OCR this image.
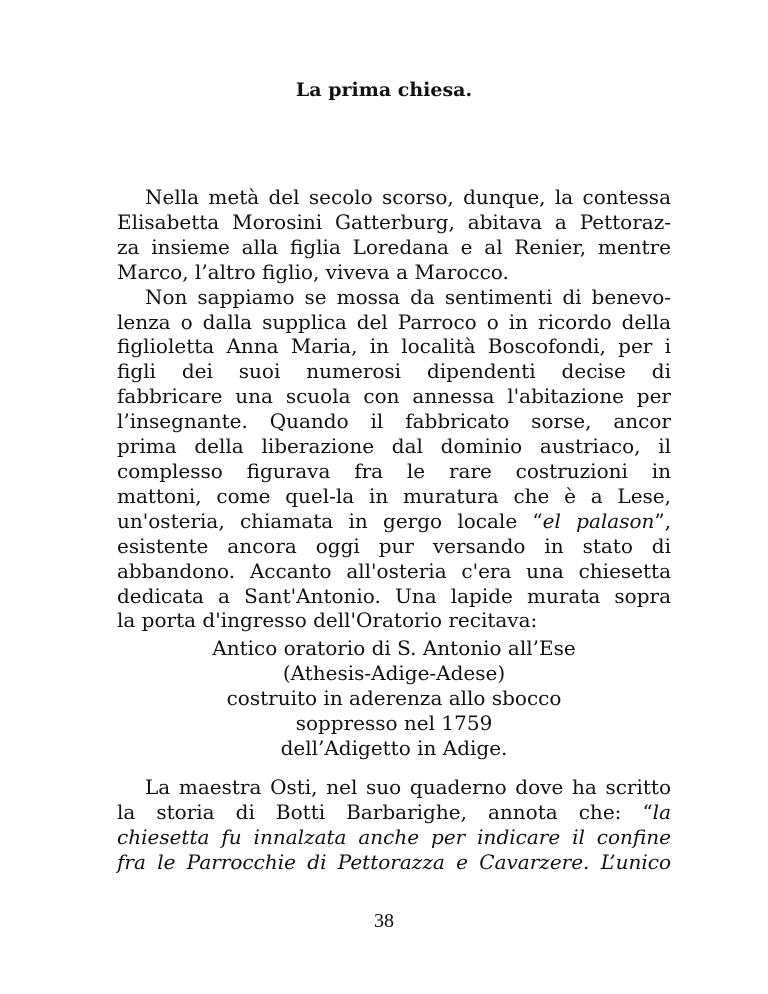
La prima chiesa.
Nella metà del secolo scorso, dunque, la contessa
Elisabetta Morosini Gatterburg, abitava a Pettoraz-
za insieme alla figlia Loredana e al Renier, mentre
Marco, l’altro figlio, viveva a Marocco.
Non sappiamo se mossa da sentimenti di benevo-
lenza o dalla supplica del Parroco o in ricordo della
figlioletta Anna Maria, in località Boscofondi, per i
figli dei suoi numerosi dipendenti decise di
fabbricare una scuola con annessa l'abitazione per
l’insegnante. Quando il fabbricato sorse, ancor
prima della liberazione dal dominio austriaco, il
complesso figurava fra le rare costruzioni in
mattoni, come quel-la in muratura che è a Lese,
un'osteria, chiamata in gergo locale “el palason”,
esistente ancora oggi pur versando in stato di
abbandono. Accanto all'osteria c'era una chiesetta
dedicata a Sant'Antonio. Una lapide murata sopra
la porta d'ingresso dell'Oratorio recitava:
Antico oratorio di S. Antonio all’Ese
(Athesis-Adige-Adese)
costruito in aderenza allo sbocco
soppresso nel 1759
dell’Adigetto in Adige.
La maestra Osti, nel suo quaderno dove ha scritto
la storia di Botti Barbarighe, annota che: “la
chiesetta fu innalzata anche per indicare il confine
fra le Parrocchie di Pettorazza e Cavarzere. L’unico
38
